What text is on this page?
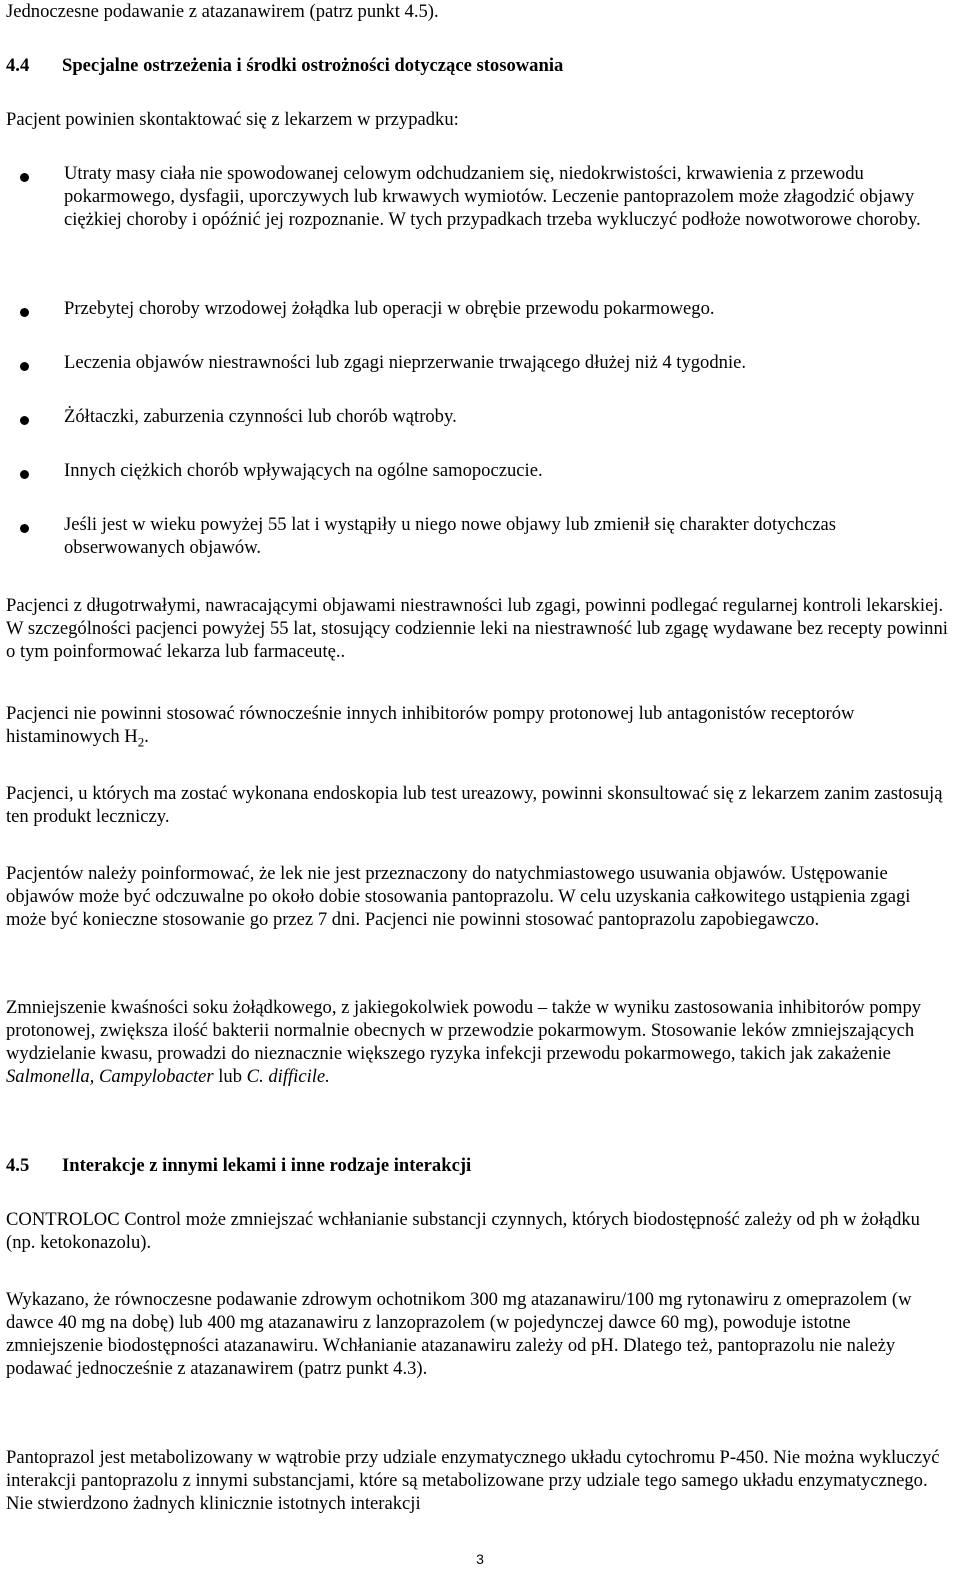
Jednoczesne podawanie z atazanawirem (patrz punkt 4.5).

4.4 Specjalne ostrzeżenia i środki ostrożności dotyczące stosowania

Pacjent powinien skontaktować się z lekarzem w przypadku:

Utraty masy ciała nie spowodowanej celowym odchudzaniem się, niedokrwistości, krwawienia z przewodu pokarmowego, dysfagii, uporczywych lub krwawych wymiotów. Leczenie pantoprazolem może złagodzić objawy ciężkiej choroby i opóźnić jej rozpoznanie. W tych przypadkach trzeba wykluczyć podłoże nowotworowe choroby.
Przebytej choroby wrzodowej żołądka lub operacji w obrębie przewodu pokarmowego.
Leczenia objawów niestrawności lub zgagi nieprzerwanie trwającego dłużej niż 4 tygodnie.
Żółtaczki, zaburzenia czynności lub chorób wątroby.
Innych ciężkich chorób wpływających na ogólne samopoczucie.
Jeśli jest w wieku powyżej 55 lat i wystąpiły u niego nowe objawy lub zmienił się charakter dotychczas obserwowanych objawów.

Pacjenci z długotrwałymi, nawracającymi objawami niestrawności lub zgagi, powinni podlegać regularnej kontroli lekarskiej. W szczególności pacjenci powyżej 55 lat, stosujący codziennie leki na niestrawność lub zgagę wydawane bez recepty powinni o tym poinformować lekarza lub farmaceutę..

Pacjenci nie powinni stosować równocześnie innych inhibitorów pompy protonowej lub antagonistów receptorów histaminowych $H_2$.

Pacjenci, u których ma zostać wykonana endoskopia lub test ureazowy, powinni skonsultować się z lekarzem zanim zastosują ten produkt leczniczy.

Pacjentów należy poinformować, że lek nie jest przeznaczony do natychmiastowego usuwania objawów. Ustępowanie objawów może być odczuwalne po około dobie stosowania pantoprazolu. W celu uzyskania całkowitego ustąpienia zgagi może być konieczne stosowanie go przez 7 dni. Pacjenci nie powinni stosować pantoprazolu zapobiegawczo.

Zmniejszenie kwaśności soku żołądkowego, z jakiegokolwiek powodu – także w wyniku zastosowania inhibitorów pompy protonowej, zwiększa ilość bakterii normalnie obecnych w przewodzie pokarmowym. Stosowanie leków zmniejszających wydzielanie kwasu, prowadzi do nieznacznie większego ryzyka infekcji przewodu pokarmowego, takich jak zakażenie Salmonella, Campylobacter lub C. difficile.

4.5 Interakcje z innymi lekami i inne rodzaje interakcji

CONTROLOC Control może zmniejszać wchłanianie substancji czynnych, których biodostępność zależy od ph w żołądku (np. ketokonazolu).

Wykazano, że równoczesne podawanie zdrowym ochotnikom 300 mg atazanawiru/100 mg rytonawiru z omeprazolem (w dawce 40 mg na dobę) lub 400 mg atazanawiru z lanzoprazolem (w pojedynczej dawce 60 mg), powoduje istotne zmniejszenie biodostępności atazanawiru. Wchłanianie atazanawiru zależy od pH. Dlatego też, pantoprazolu nie należy podawać jednocześnie z atazanawirem (patrz punkt 4.3).

Pantoprazol jest metabolizowany w wątrobie przy udziale enzymatycznego układu cytochromu P-450. Nie można wykluczyć interakcji pantoprazolu z innymi substancjami, które są metabolizowane przy udziale tego samego układu enzymatycznego. Nie stwierdzono żadnych klinicznie istotnych interakcji

3
